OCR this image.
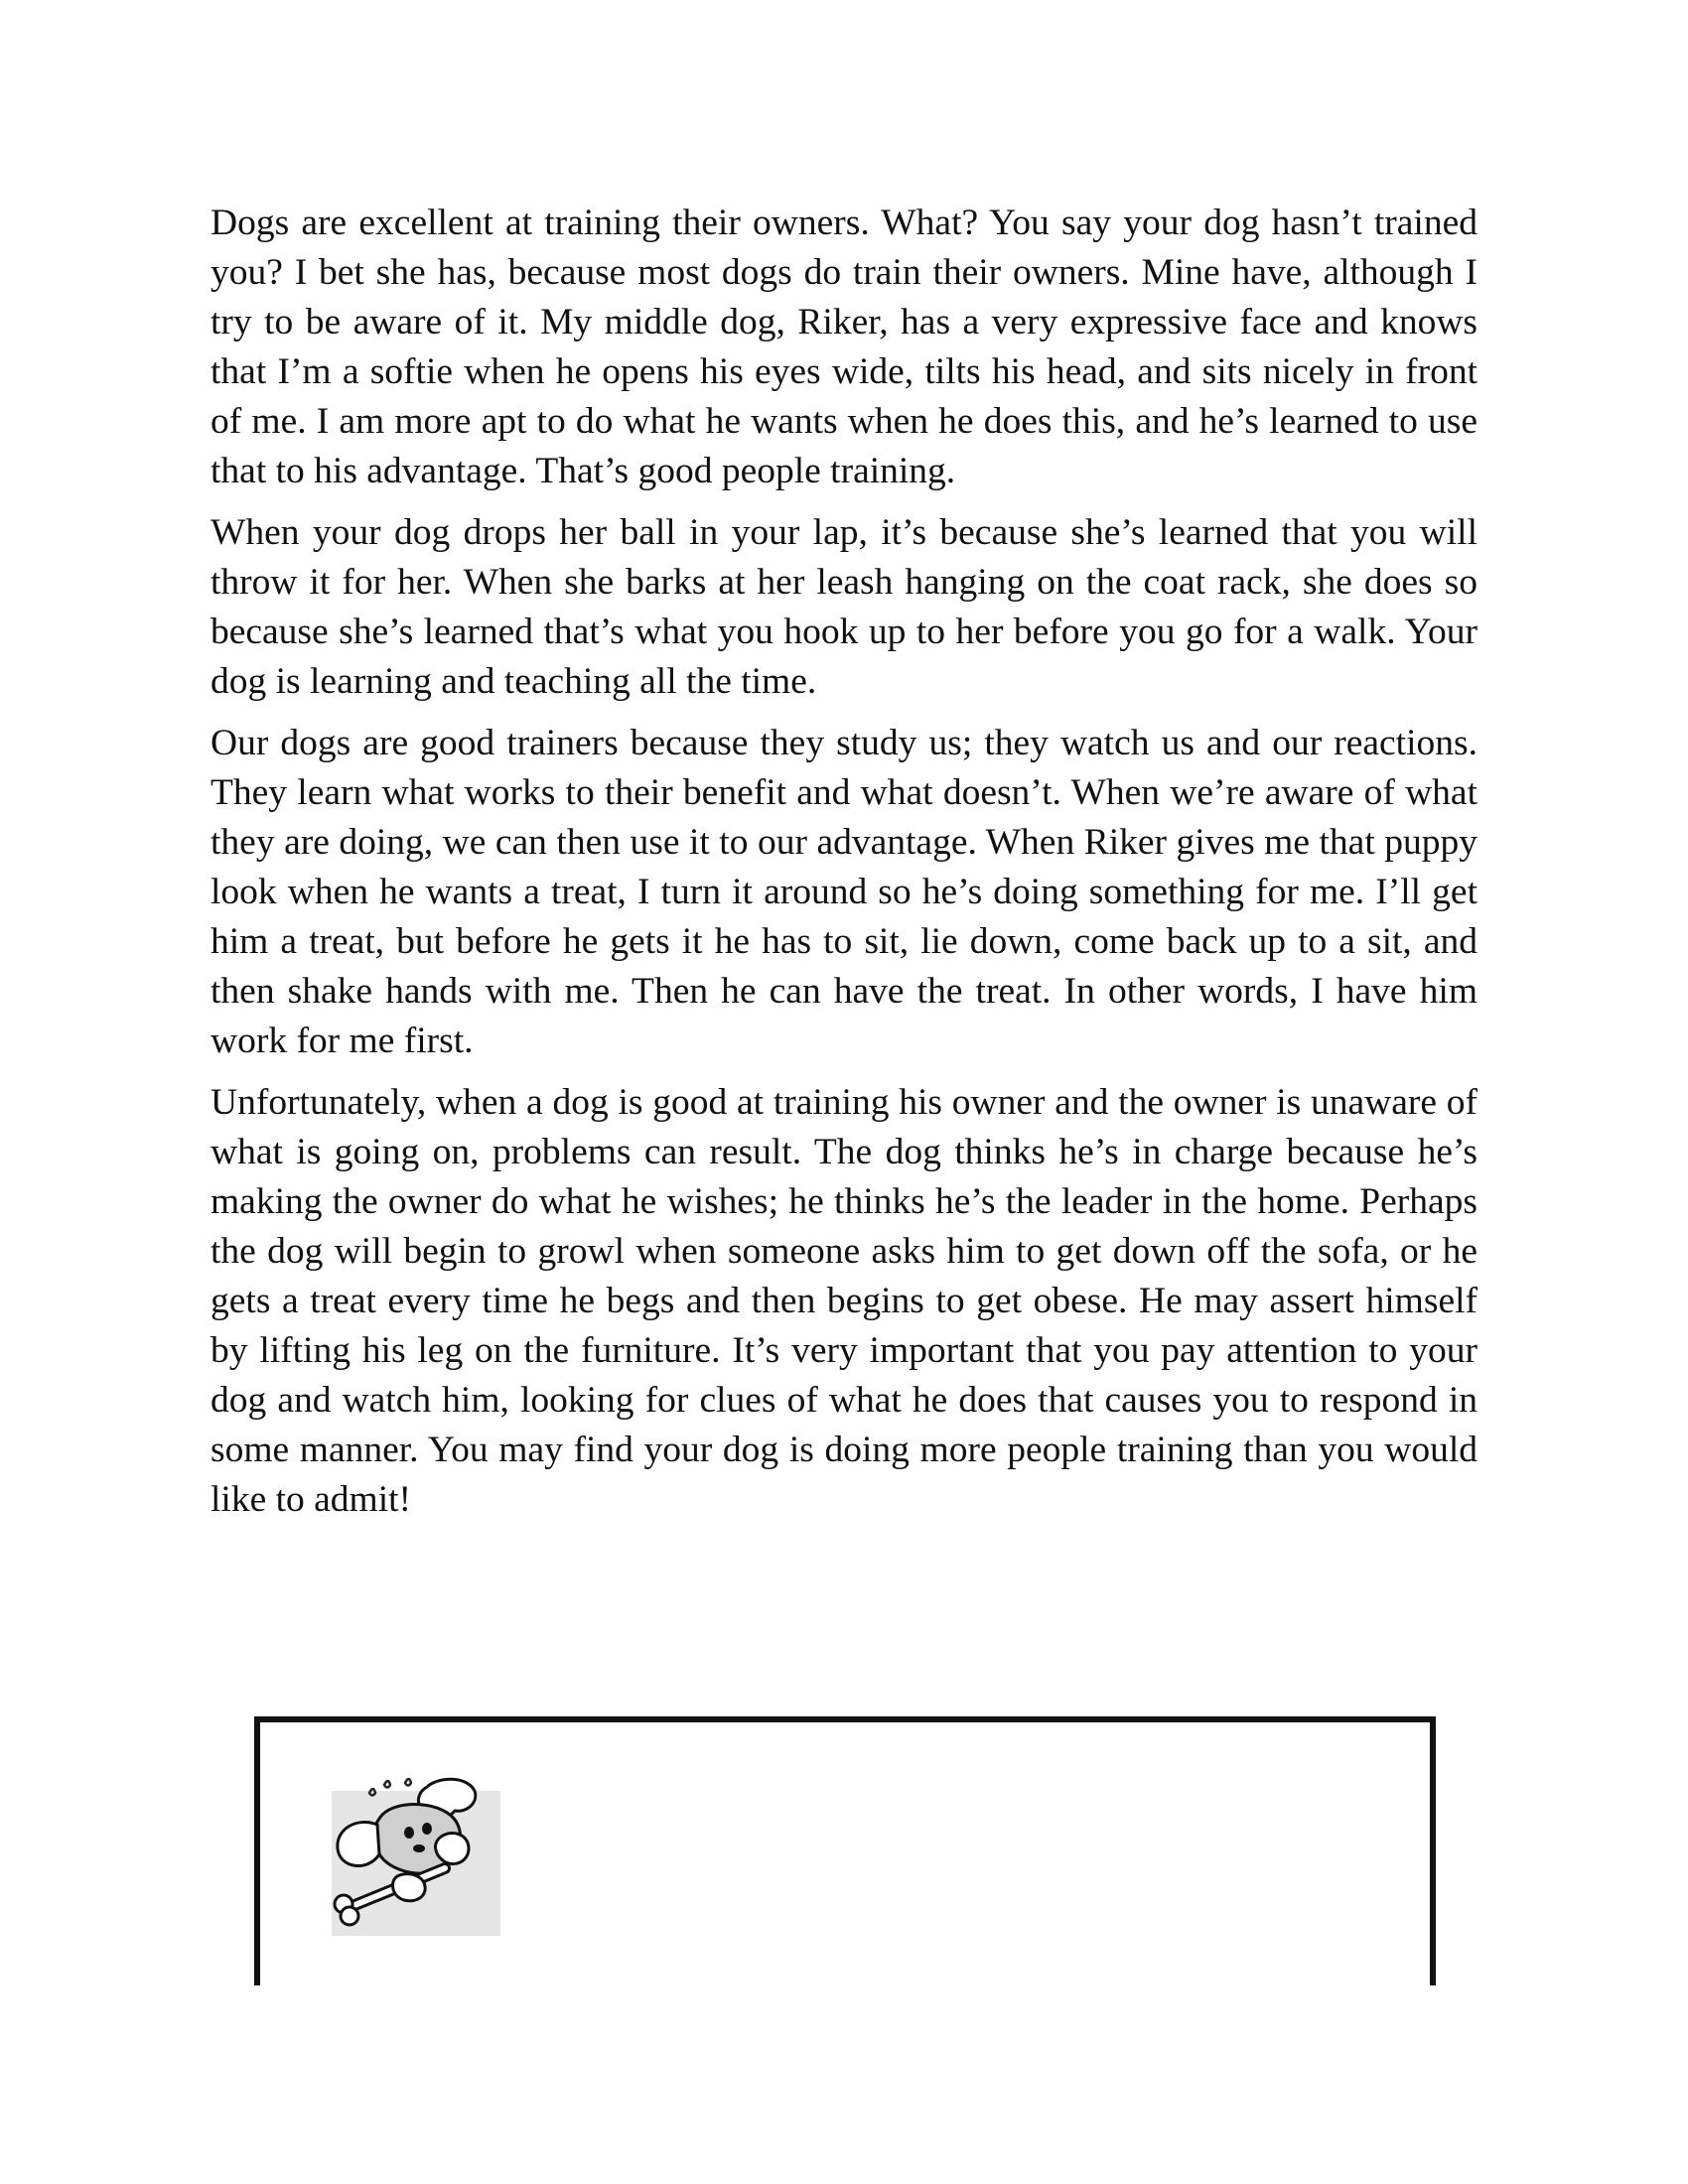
Dogs are excellent at training their owners. What? You say your dog hasn’t trained you? I bet she has, because most dogs do train their owners. Mine have, although I try to be aware of it. My middle dog, Riker, has a very expressive face and knows that I’m a softie when he opens his eyes wide, tilts his head, and sits nicely in front of me. I am more apt to do what he wants when he does this, and he’s learned to use that to his advantage. That’s good people training.

When your dog drops her ball in your lap, it’s because she’s learned that you will throw it for her. When she barks at her leash hanging on the coat rack, she does so because she’s learned that’s what you hook up to her before you go for a walk. Your dog is learning and teaching all the time.

Our dogs are good trainers because they study us; they watch us and our reactions. They learn what works to their benefit and what doesn’t. When we’re aware of what they are doing, we can then use it to our advantage. When Riker gives me that puppy look when he wants a treat, I turn it around so he’s doing something for me. I’ll get him a treat, but before he gets it he has to sit, lie down, come back up to a sit, and then shake hands with me. Then he can have the treat. In other words, I have him work for me first.

Unfortunately, when a dog is good at training his owner and the owner is unaware of what is going on, problems can result. The dog thinks he’s in charge because he’s making the owner do what he wishes; he thinks he’s the leader in the home. Perhaps the dog will begin to growl when someone asks him to get down off the sofa, or he gets a treat every time he begs and then begins to get obese. He may assert himself by lifting his leg on the furniture. It’s very important that you pay attention to your dog and watch him, looking for clues of what he does that causes you to respond in some manner. You may find your dog is doing more people training than you would like to admit!
